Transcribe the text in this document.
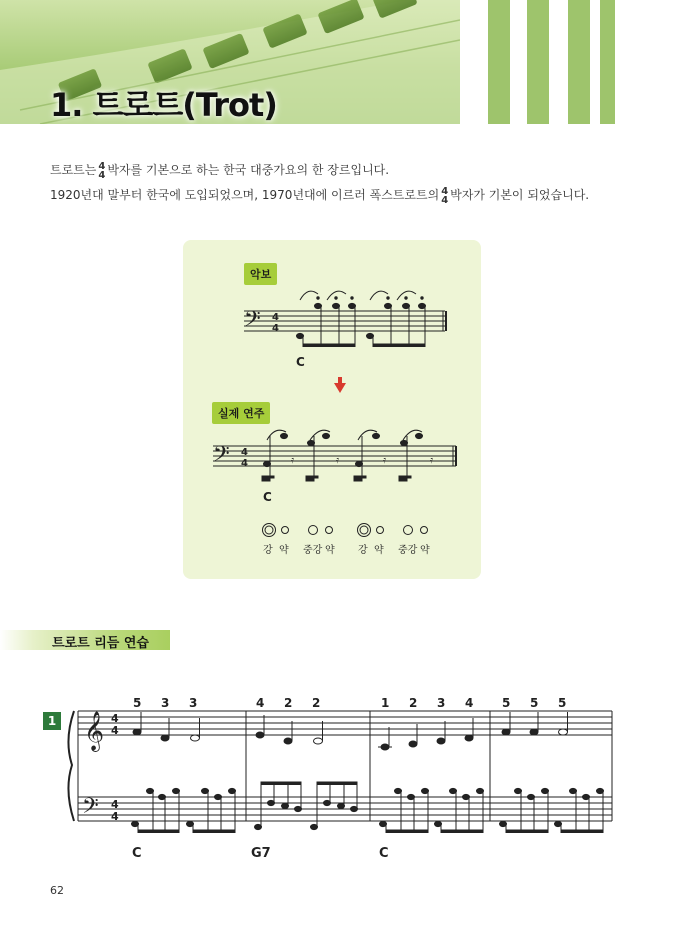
1. 트로트(Trot)
트로트는 4
4 박자를 기본으로 하는 한국 대중가요의 한 장르입니다.
1920년대 말부터 한국에 도입되었으며, 1970년대에 이르러 폭스트로트의 4
4 박자가 기본이 되었습니다.
악보
실제 연주
𝄢 4
4
C
𝄢 4
4	𝄿	𝄿	𝄿	𝄿
C
강 약 중강 약 강 약 중강 약
𝄞
𝄢
4
4
4
4
5 3 3	4 2 2	1 2 3 4 5 5 5
C	G7	C
트로트 리듬 연습
1
62
